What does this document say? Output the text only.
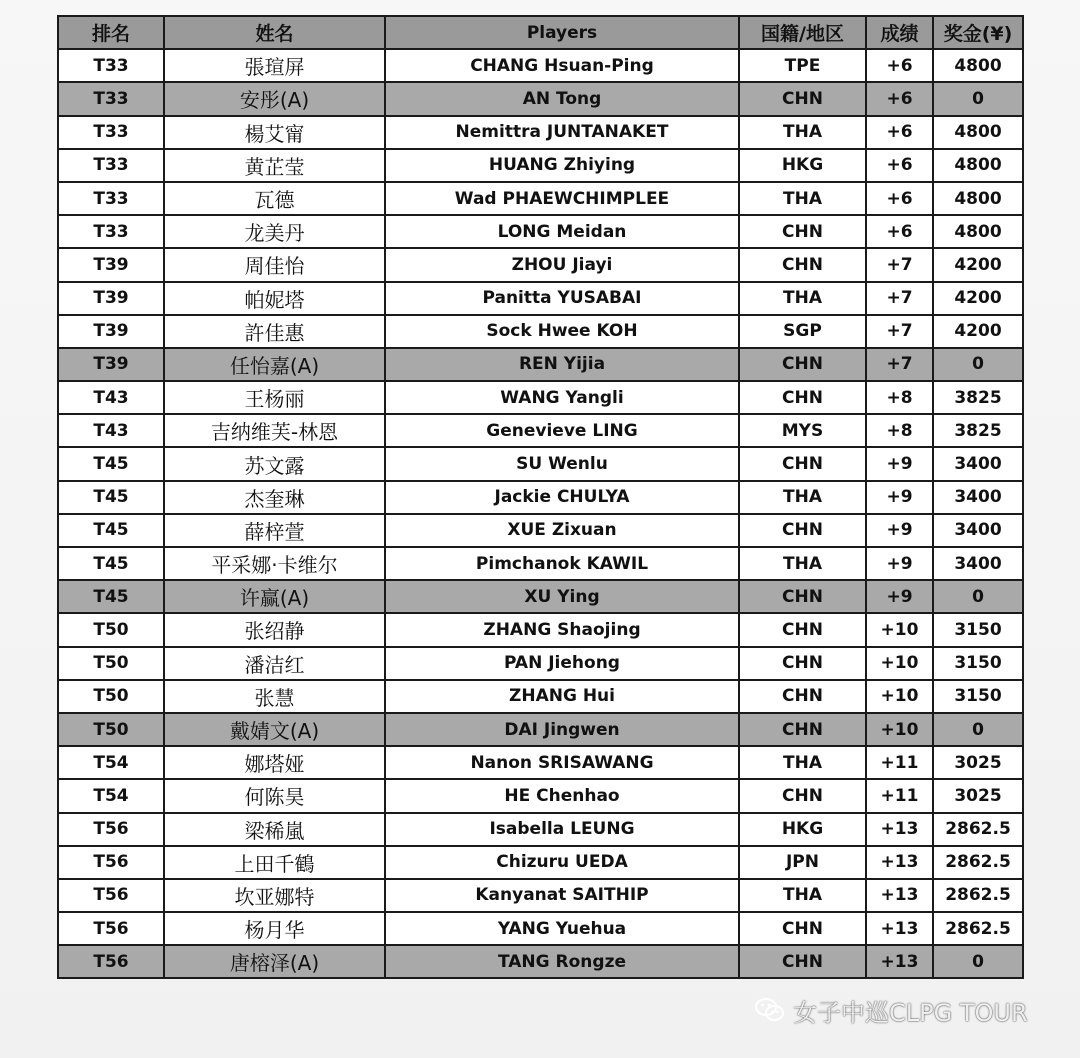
排名	姓名	Players	国籍/地区	成绩	奖金(¥)
T33	張瑄屏	CHANG Hsuan-Ping	TPE	+6	4800
T33	安彤(A)	AN Tong	CHN	+6	0
T33	楊艾甯	Nemittra JUNTANAKET	THA	+6	4800
T33	黄芷莹	HUANG Zhiying	HKG	+6	4800
T33	瓦德	Wad PHAEWCHIMPLEE	THA	+6	4800
T33	龙美丹	LONG Meidan	CHN	+6	4800
T39	周佳怡	ZHOU Jiayi	CHN	+7	4200
T39	帕妮塔	Panitta YUSABAI	THA	+7	4200
T39	許佳惠	Sock Hwee KOH	SGP	+7	4200
T39	任怡嘉(A)	REN Yijia	CHN	+7	0
T43	王杨丽	WANG Yangli	CHN	+8	3825
T43	吉纳维芙-林恩	Genevieve LING	MYS	+8	3825
T45	苏文露	SU Wenlu	CHN	+9	3400
T45	杰奎琳	Jackie CHULYA	THA	+9	3400
T45	薛梓萱	XUE Zixuan	CHN	+9	3400
T45	平采娜·卡维尔	Pimchanok KAWIL	THA	+9	3400
T45	许赢(A)	XU Ying	CHN	+9	0
T50	张绍静	ZHANG Shaojing	CHN	+10	3150
T50	潘洁红	PAN Jiehong	CHN	+10	3150
T50	张慧	ZHANG Hui	CHN	+10	3150
T50	戴婧文(A)	DAI Jingwen	CHN	+10	0
T54	娜塔娅	Nanon SRISAWANG	THA	+11	3025
T54	何陈昊	HE Chenhao	CHN	+11	3025
T56	梁稀嵐	Isabella LEUNG	HKG	+13	2862.5
T56	上田千鶴	Chizuru UEDA	JPN	+13	2862.5
T56	坎亚娜特	Kanyanat SAITHIP	THA	+13	2862.5
T56	杨月华	YANG Yuehua	CHN	+13	2862.5
T56	唐榕泽(A)	TANG Rongze	CHN	+13	0
女子中巡CLPG TOUR
